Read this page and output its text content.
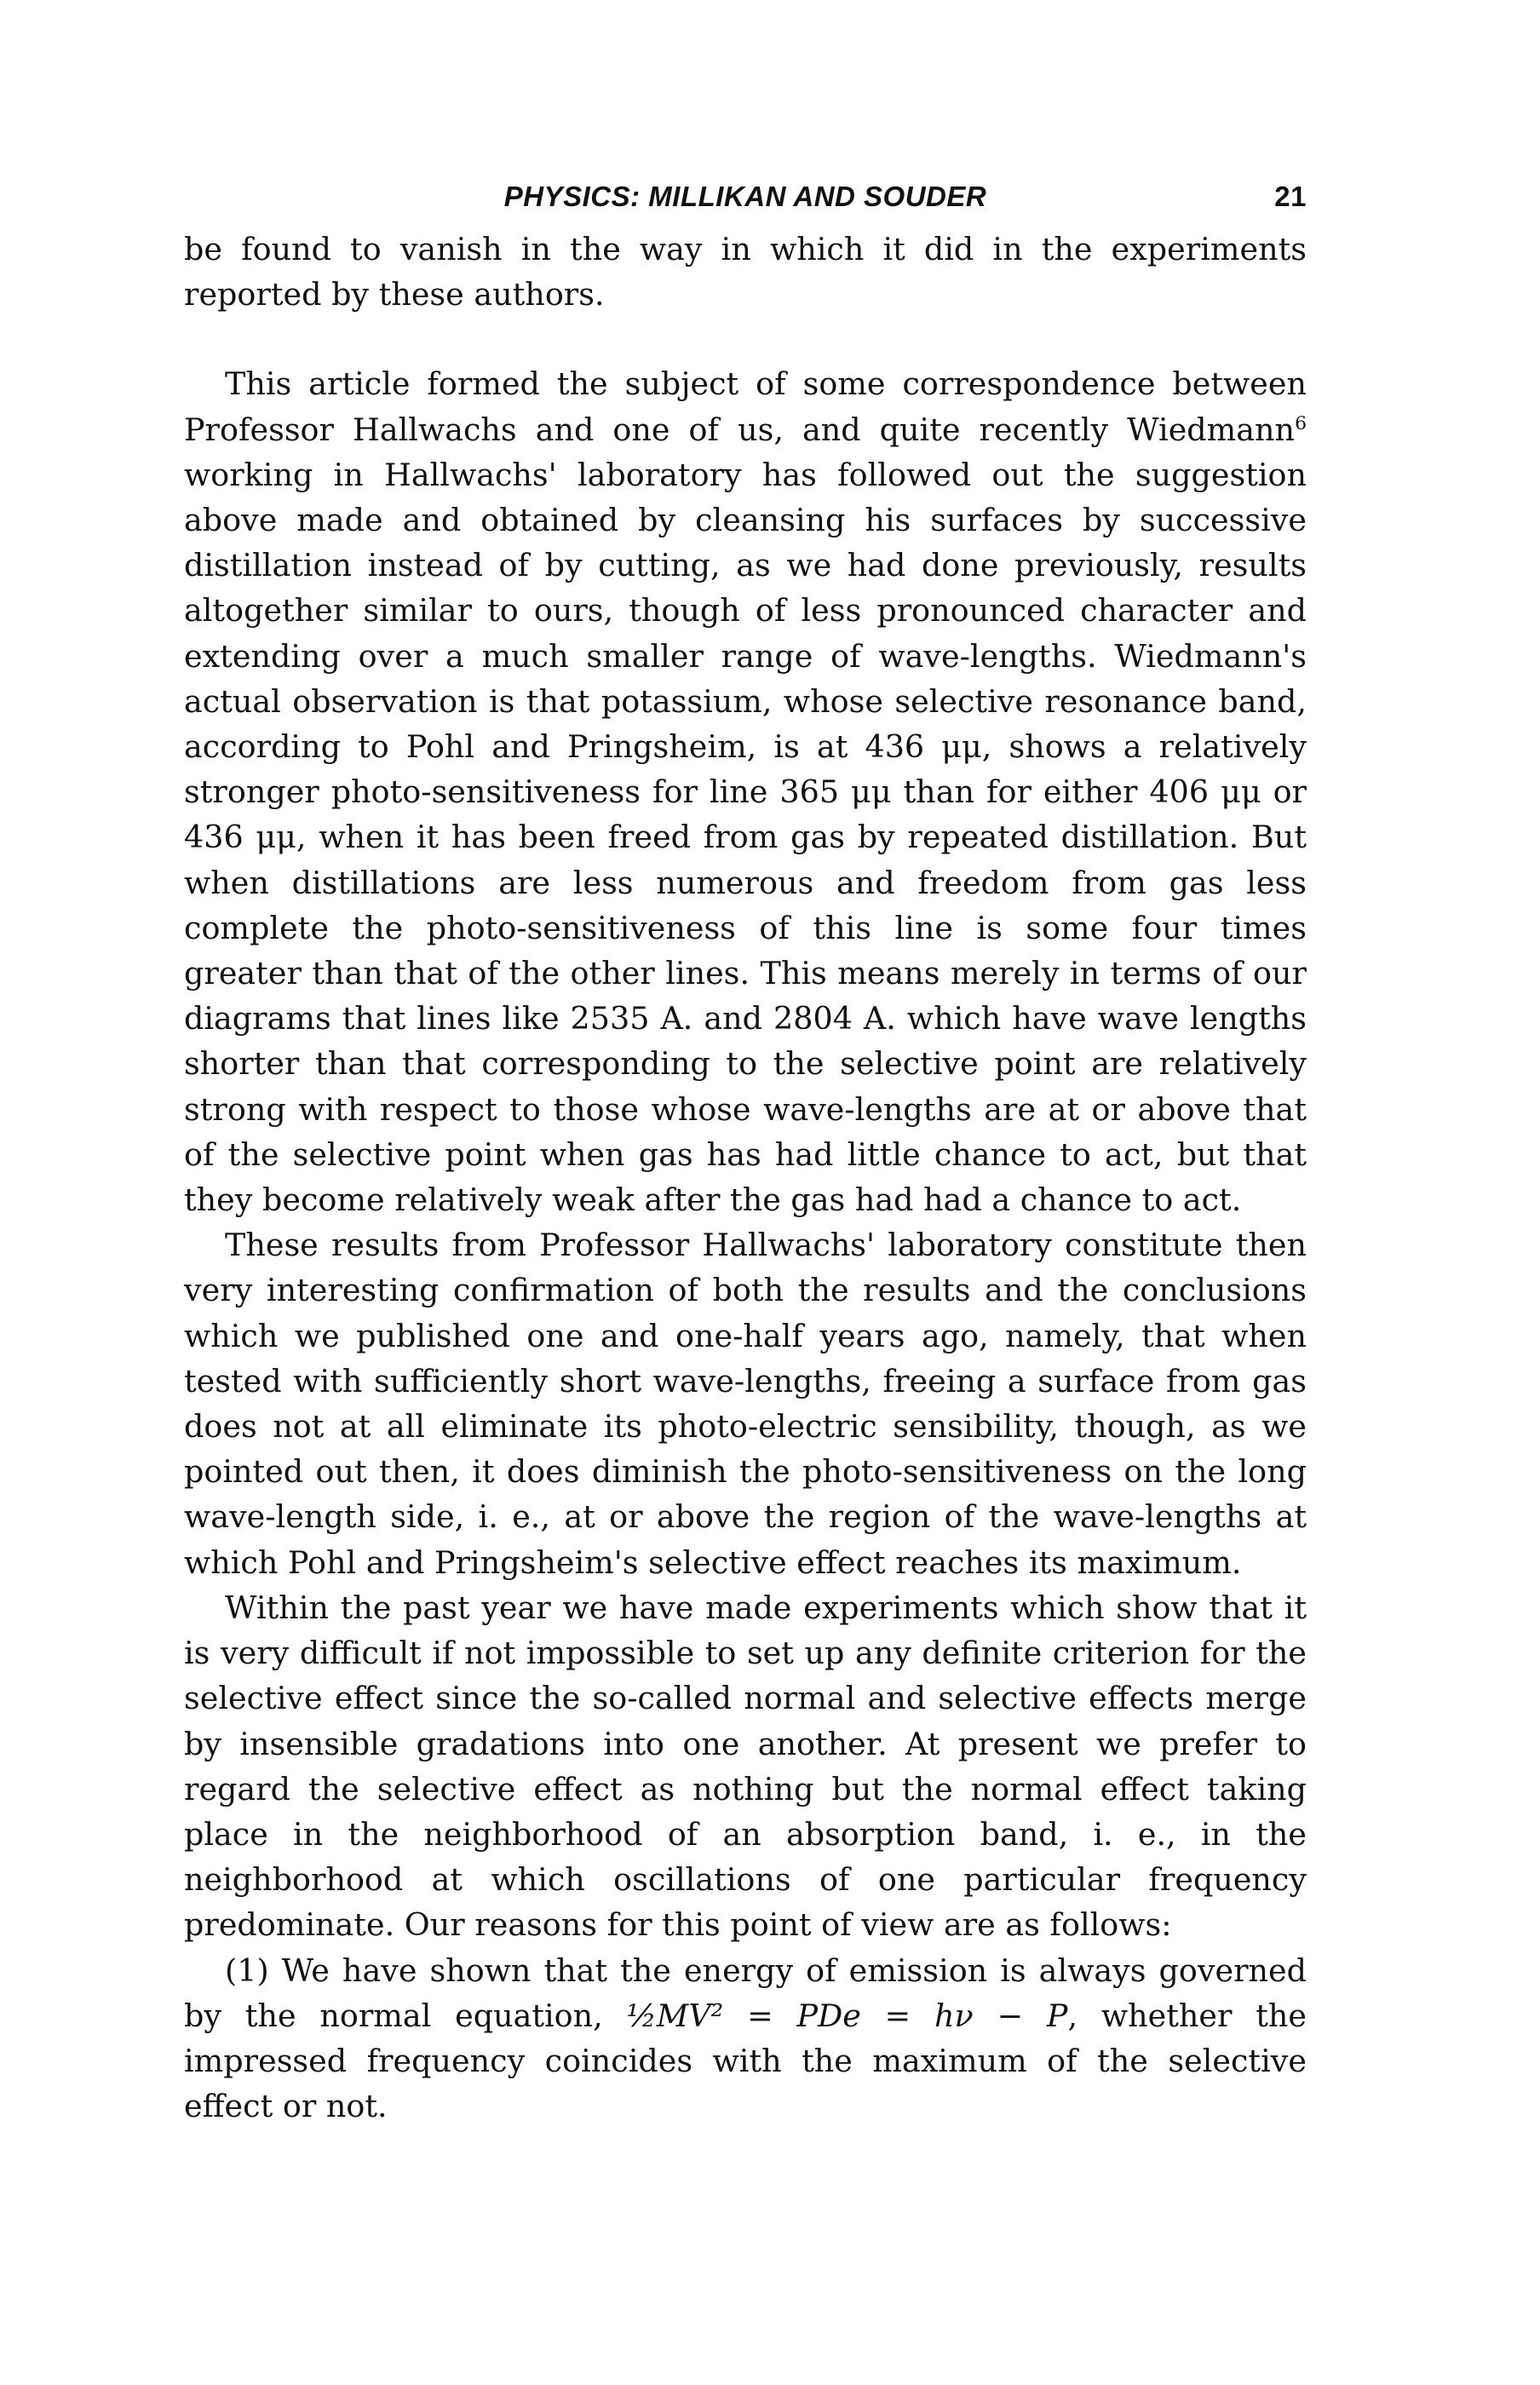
PHYSICS: MILLIKAN AND SOUDER	21

be found to vanish in the way in which it did in the experiments reported by these authors.

This article formed the subject of some correspondence between Professor Hallwachs and one of us, and quite recently Wiedmann$^6$ working in Hallwachs' laboratory has followed out the suggestion above made and obtained by cleansing his surfaces by successive distillation instead of by cutting, as we had done previously, results altogether similar to ours, though of less pronounced character and extending over a much smaller range of wave-lengths. Wiedmann's actual observation is that potassium, whose selective resonance band, according to Pohl and Pringsheim, is at 436 μμ, shows a relatively stronger photo-sensitiveness for line 365 μμ than for either 406 μμ or 436 μμ, when it has been freed from gas by repeated distillation. But when distillations are less numerous and freedom from gas less complete the photo-sensitiveness of this line is some four times greater than that of the other lines. This means merely in terms of our diagrams that lines like 2535 A. and 2804 A. which have wave lengths shorter than that corresponding to the selective point are relatively strong with respect to those whose wave-lengths are at or above that of the selective point when gas has had little chance to act, but that they become relatively weak after the gas had had a chance to act.

These results from Professor Hallwachs' laboratory constitute then very interesting confirmation of both the results and the conclusions which we published one and one-half years ago, namely, that when tested with sufficiently short wave-lengths, freeing a surface from gas does not at all eliminate its photo-electric sensibility, though, as we pointed out then, it does diminish the photo-sensitiveness on the long wave-length side, i. e., at or above the region of the wave-lengths at which Pohl and Pringsheim's selective effect reaches its maximum.

Within the past year we have made experiments which show that it is very difficult if not impossible to set up any definite criterion for the selective effect since the so-called normal and selective effects merge by insensible gradations into one another. At present we prefer to regard the selective effect as nothing but the normal effect taking place in the neighborhood of an absorption band, i. e., in the neighborhood at which oscillations of one particular frequency predominate. Our reasons for this point of view are as follows:

(1) We have shown that the energy of emission is always governed by the normal equation, ½MV² = PDe = hν − P, whether the impressed frequency coincides with the maximum of the selective effect or not.
